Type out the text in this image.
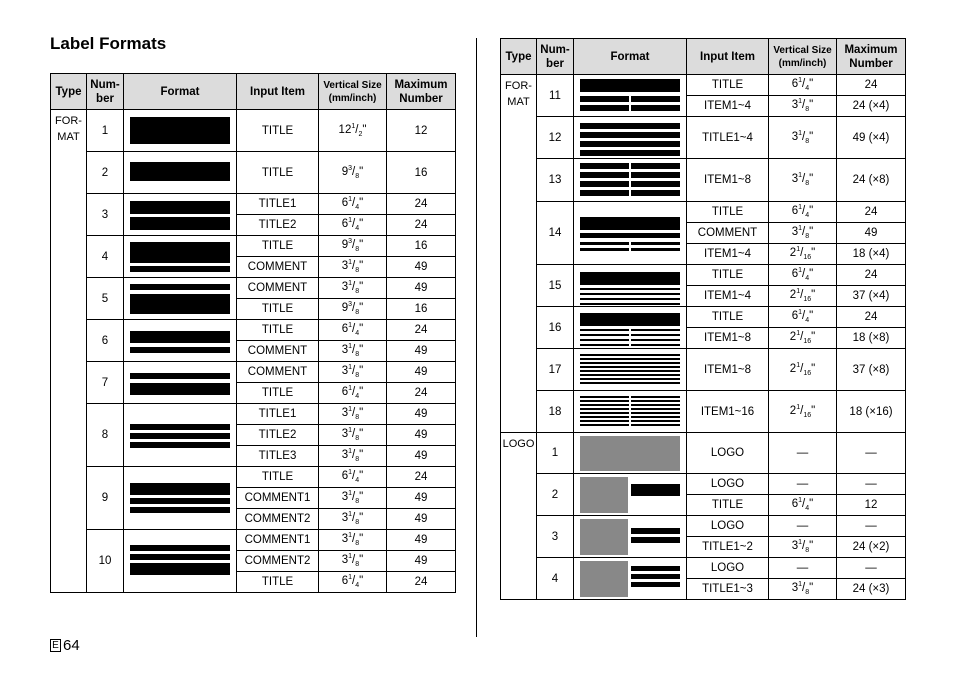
Label Formats
E 64
Type	Num-
ber	Format	Input Item	Vertical Size
(mm/inch)	Maximum
Number
FOR-
MAT	1		TITLE	$12^1/_2$"	12
	2		TITLE	$9^3/_8$"	16
	3		TITLE1	$6^1/_4$"	24
			TITLE2	$6^1/_4$"	24
	4		TITLE	$9^3/_8$"	16
			COMMENT	$3^1/_8$"	49
	5		COMMENT	$3^1/_8$"	49
			TITLE	$9^3/_8$"	16
	6		TITLE	$6^1/_4$"	24
			COMMENT	$3^1/_8$"	49
	7		COMMENT	$3^1/_8$"	49
			TITLE	$6^1/_4$"	24
	8		TITLE1	$3^1/_8$"	49
			TITLE2	$3^1/_8$"	49
			TITLE3	$3^1/_8$"	49
	9		TITLE	$6^1/_4$"	24
			COMMENT1	$3^1/_8$"	49
			COMMENT2	$3^1/_8$"	49
	10		COMMENT1	$3^1/_8$"	49
			COMMENT2	$3^1/_8$"	49
			TITLE	$6^1/_4$"	24
Type	Num-
ber	Format	Input Item	Vertical Size
(mm/inch)	Maximum
Number
FOR-
MAT	11		TITLE	$6^1/_4$"	24
			ITEM1~4	$3^1/_8$"	24 (×4)
	12		TITLE1~4	$3^1/_8$"	49 (×4)
	13		ITEM1~8	$3^1/_8$"	24 (×8)
	14		TITLE	$6^1/_4$"	24
			COMMENT	$3^1/_8$"	49
			ITEM1~4	$2^1/_{16}$"	18 (×4)
	15		TITLE	$6^1/_4$"	24
			ITEM1~4	$2^1/_{16}$"	37 (×4)
	16		TITLE	$6^1/_4$"	24
			ITEM1~8	$2^1/_{16}$"	18 (×8)
	17		ITEM1~8	$2^1/_{16}$"	37 (×8)
	18		ITEM1~16	$2^1/_{16}$"	18 (×16)
LOGO	1		LOGO	—	—
	2		LOGO	—	—
			TITLE	$6^1/_4$"	12
	3		LOGO	—	—
			TITLE1~2	$3^1/_8$"	24 (×2)
	4		LOGO	—	—
			TITLE1~3	$3^1/_8$"	24 (×3)
